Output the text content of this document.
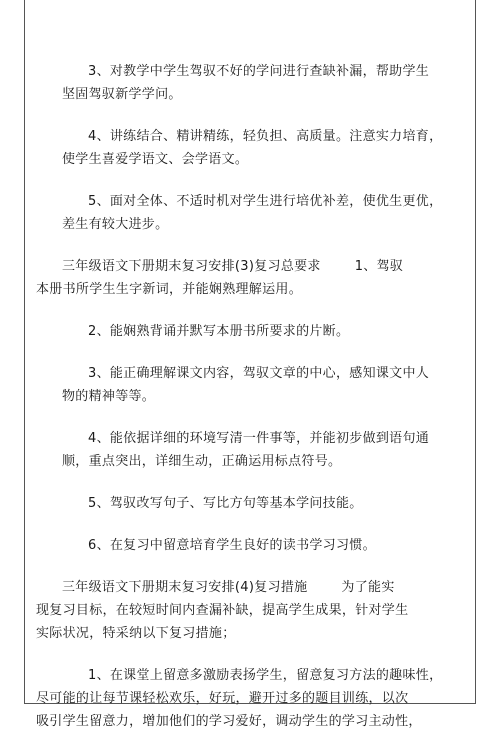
3、对教学中学生驾驭不好的学问进行查缺补漏，帮助学生
坚固驾驭新学学问。
4、讲练结合、精讲精练，轻负担、高质量。注意实力培育，
使学生喜爱学语文、会学语文。
5、面对全体、不适时机对学生进行培优补差，使优生更优，
差生有较大进步。
三年级语文下册期末复习安排(3)复习总要求	1、驾驭
本册书所学生生字新词，并能娴熟理解运用。
2、能娴熟背诵并默写本册书所要求的片断。
3、能正确理解课文内容，驾驭文章的中心，感知课文中人
物的精神等等。
4、能依据详细的环境写清一件事等，并能初步做到语句通
顺，重点突出，详细生动，正确运用标点符号。
5、驾驭改写句子、写比方句等基本学问技能。
6、在复习中留意培育学生良好的读书学习习惯。
三年级语文下册期末复习安排(4)复习措施	为了能实
现复习目标，在较短时间内查漏补缺，提高学生成果，针对学生
实际状况，特采纳以下复习措施；
1、在课堂上留意多激励表扬学生，留意复习方法的趣味性，
尽可能的让每节课轻松欢乐，好玩，避开过多的题目训练，以次
吸引学生留意力，增加他们的学习爱好，调动学生的学习主动性，
